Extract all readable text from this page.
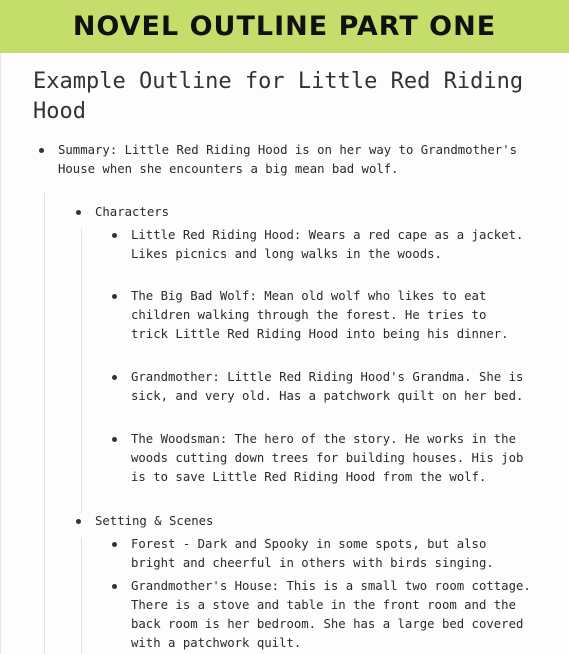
NOVEL OUTLINE PART ONE
Example Outline for Little Red Riding Hood

Summary: Little Red Riding Hood is on her way to Grandmother's House when she encounters a big mean bad wolf.

Characters

Little Red Riding Hood: Wears a red cape as a jacket. Likes picnics and long walks in the woods.

The Big Bad Wolf: Mean old wolf who likes to eat children walking through the forest. He tries to trick Little Red Riding Hood into being his dinner.

Grandmother: Little Red Riding Hood's Grandma. She is sick, and very old. Has a patchwork quilt on her bed.

The Woodsman: The hero of the story. He works in the woods cutting down trees for building houses. His job is to save Little Red Riding Hood from the wolf.

Setting & Scenes

Forest - Dark and Spooky in some spots, but also bright and cheerful in others with birds singing.

Grandmother's House: This is a small two room cottage. There is a stove and table in the front room and the back room is her bedroom. She has a large bed covered with a patchwork quilt.
